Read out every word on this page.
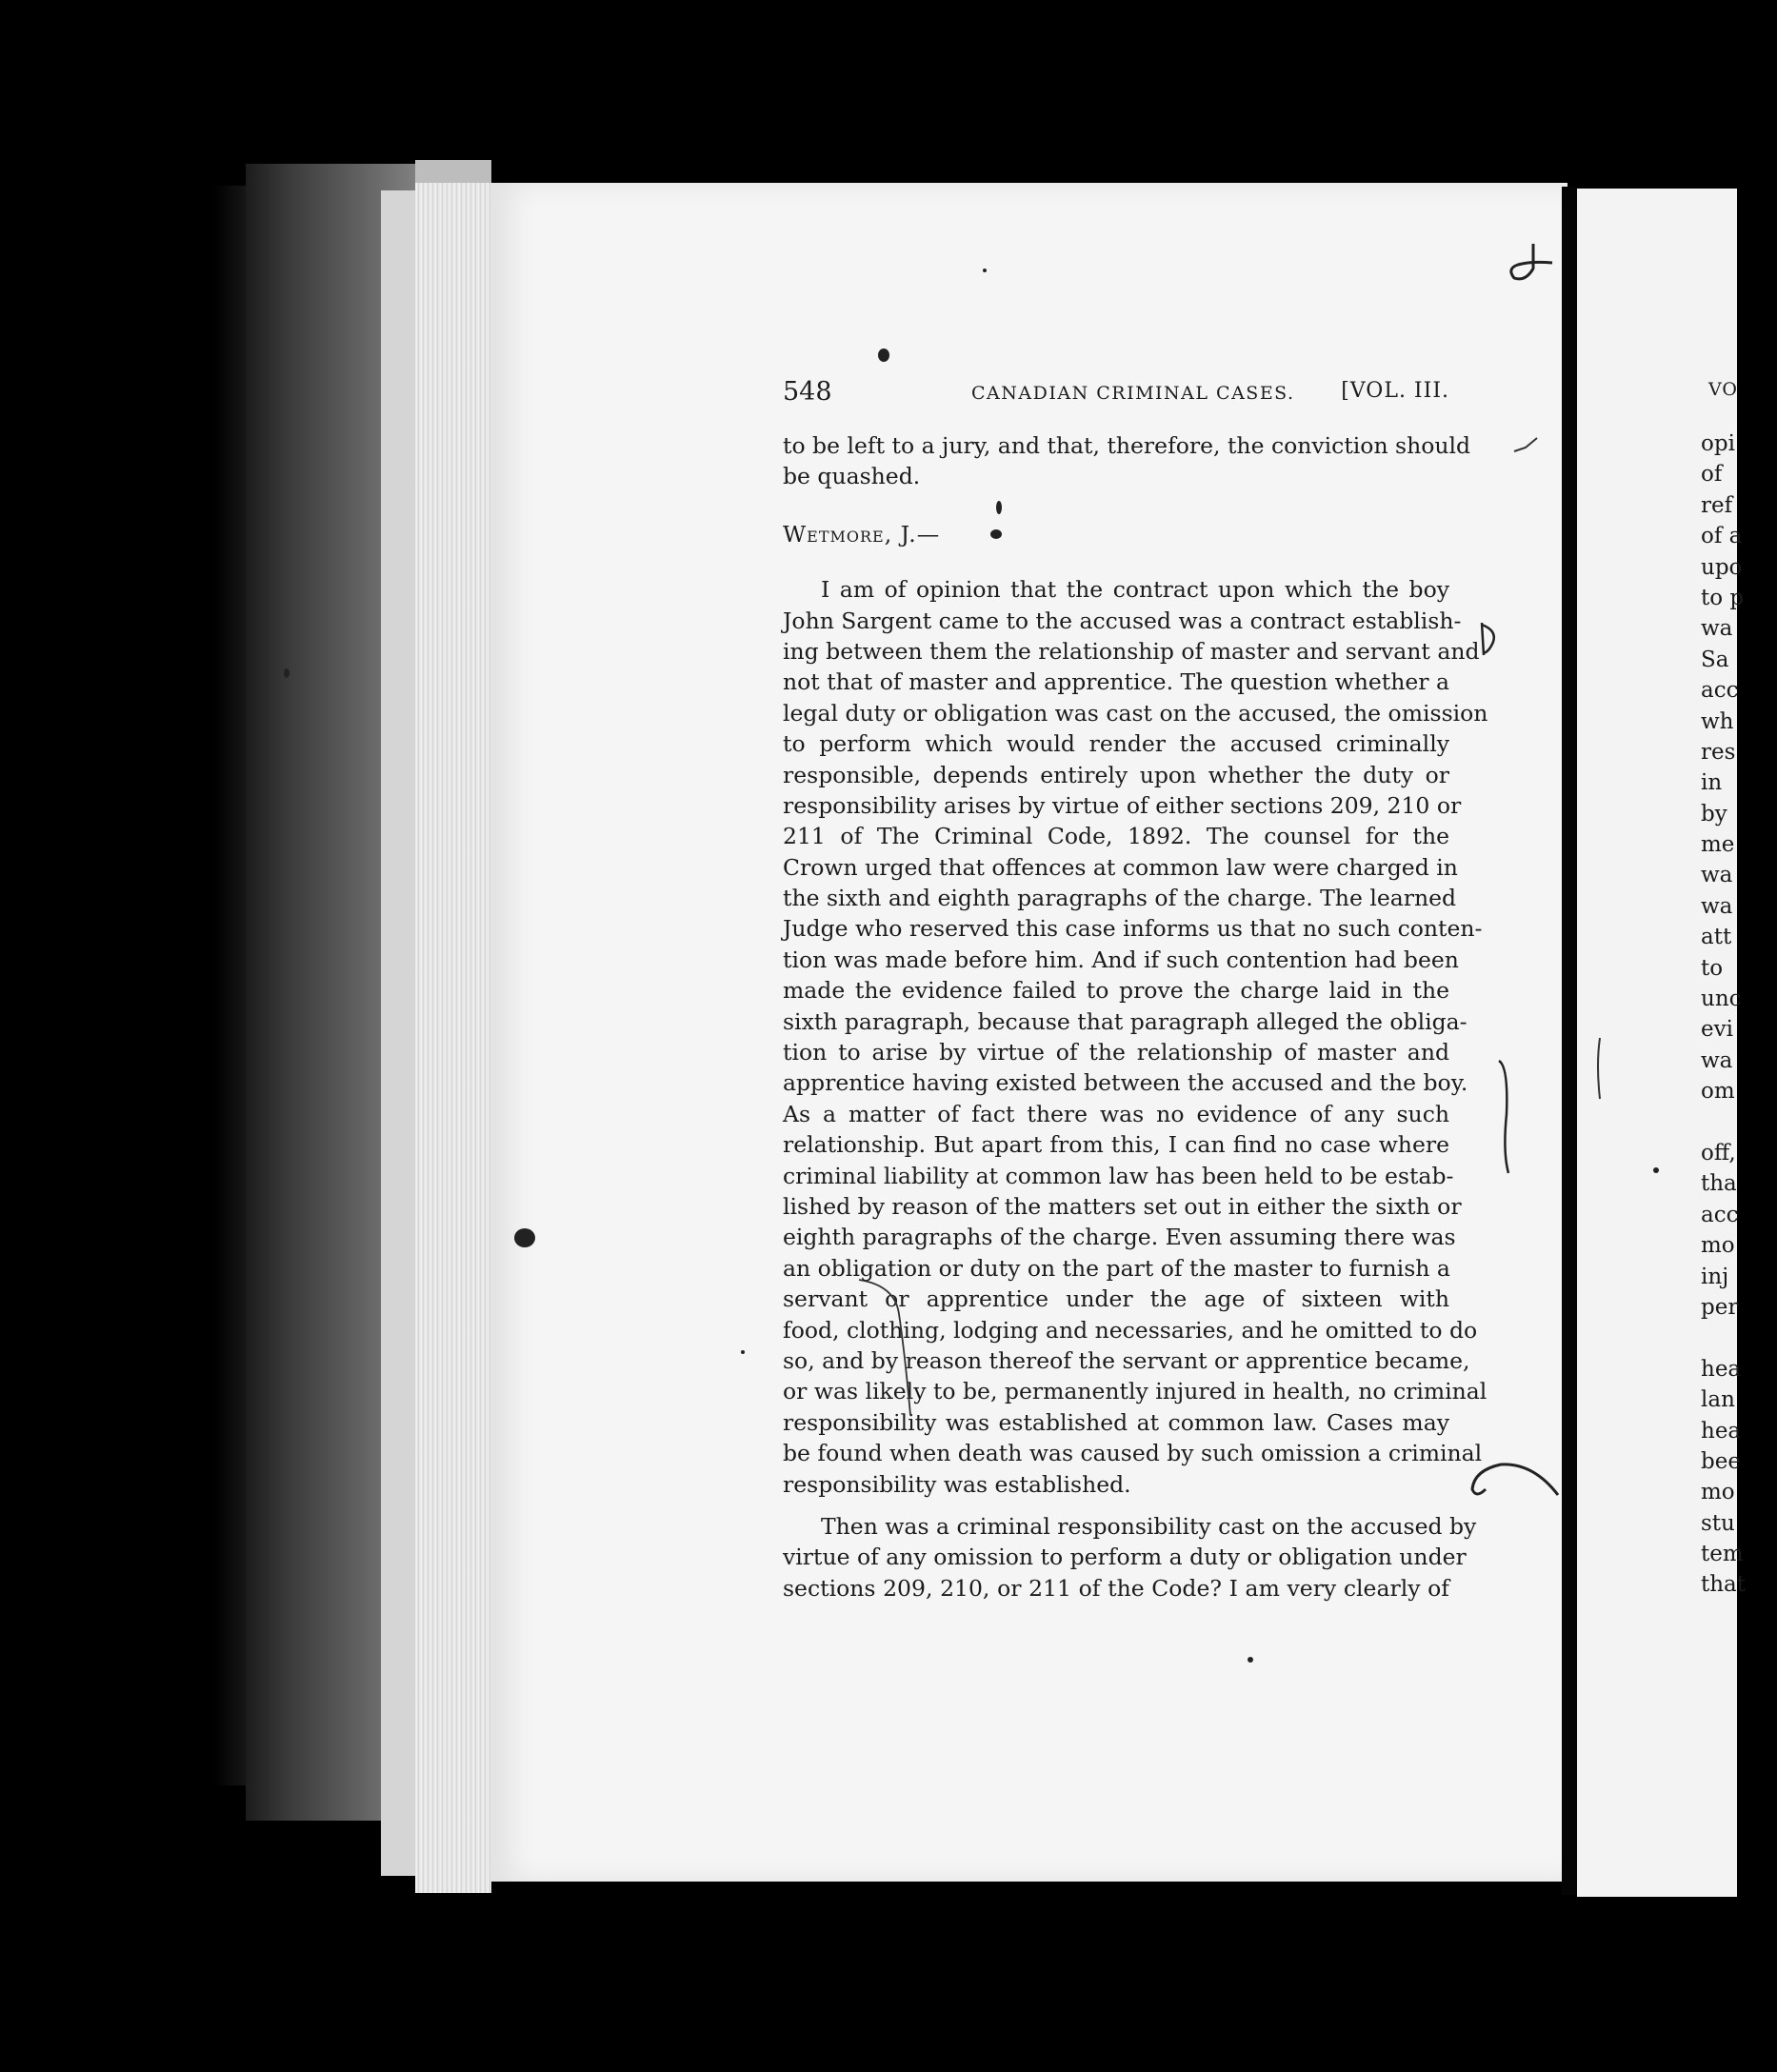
VO
opi
of
ref
of a
upo
to p
wa
Sa
acc
wh
res
in
by
me
wa
wa
att
to
unc
evi
wa
om
off,
tha
acc
mo
inj
per
hea
lan
hea
bee
mo
stu
tem
that
548	CANADIAN CRIMINAL CASES. [VOL. III.
to be left to a jury, and that, therefore, the conviction should
be quashed.
Wetmore, J.—
I am of opinion that the contract upon which the boy
John Sargent came to the accused was a contract establish-
ing between them the relationship of master and servant and
not that of master and apprentice. The question whether a
legal duty or obligation was cast on the accused, the omission
to perform which would render the accused criminally
responsible, depends entirely upon whether the duty or
responsibility arises by virtue of either sections 209, 210 or
211 of The Criminal Code, 1892. The counsel for the
Crown urged that offences at common law were charged in
the sixth and eighth paragraphs of the charge. The learned
Judge who reserved this case informs us that no such conten-
tion was made before him. And if such contention had been
made the evidence failed to prove the charge laid in the
sixth paragraph, because that paragraph alleged the obliga-
tion to arise by virtue of the relationship of master and
apprentice having existed between the accused and the boy.
As a matter of fact there was no evidence of any such
relationship. But apart from this, I can find no case where
criminal liability at common law has been held to be estab-
lished by reason of the matters set out in either the sixth or
eighth paragraphs of the charge. Even assuming there was
an obligation or duty on the part of the master to furnish a
servant or apprentice under the age of sixteen with
food, clothing, lodging and necessaries, and he omitted to do
so, and by reason thereof the servant or apprentice became,
or was likely to be, permanently injured in health, no criminal
responsibility was established at common law. Cases may
be found when death was caused by such omission a criminal
responsibility was established.
Then was a criminal responsibility cast on the accused by
virtue of any omission to perform a duty or obligation under
sections 209, 210, or 211 of the Code? I am very clearly of
